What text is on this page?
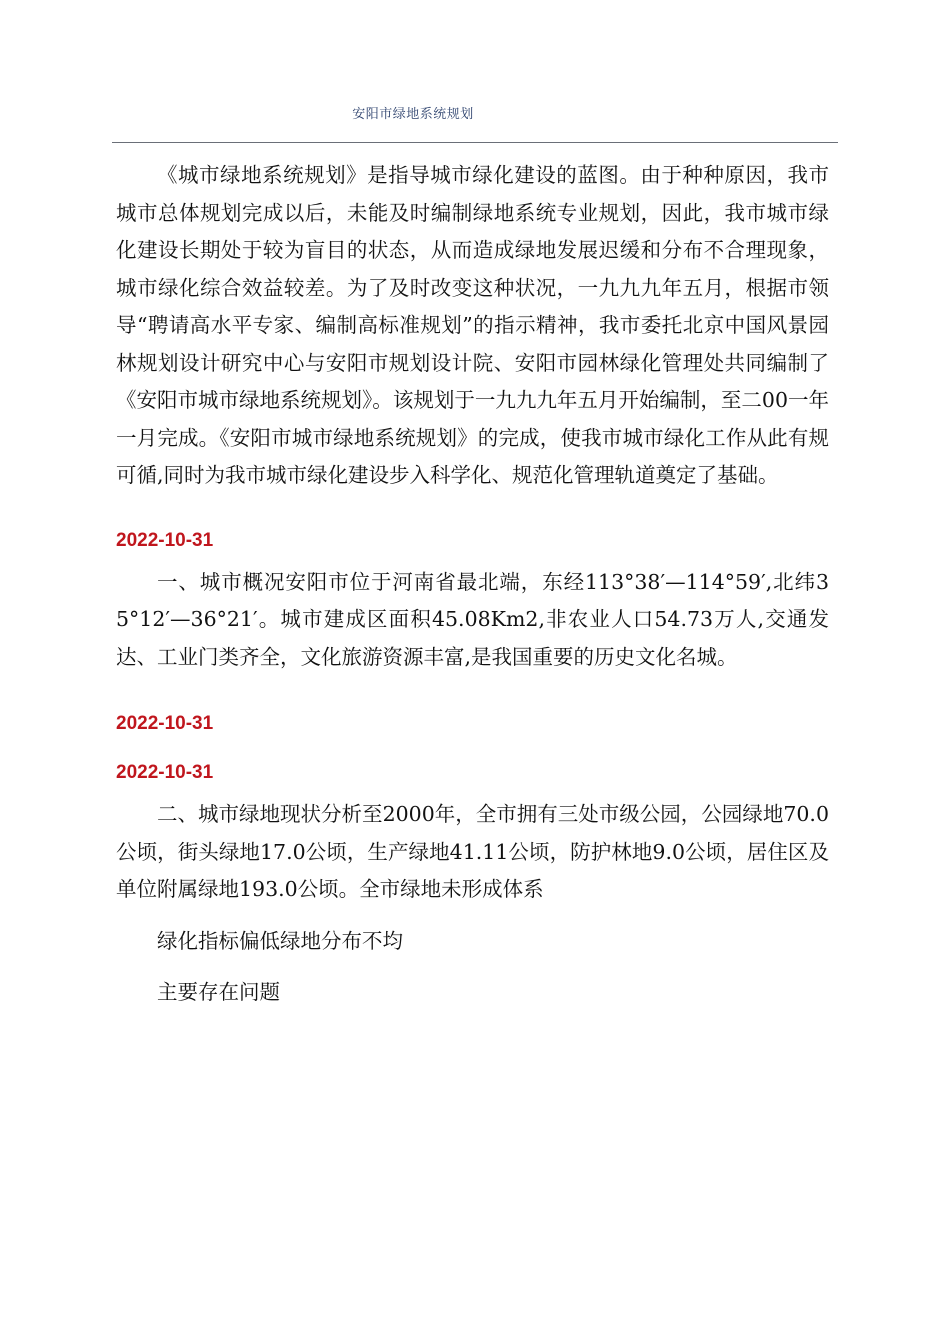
安阳市绿地系统规划

《城市绿地系统规划》是指导城市绿化建设的蓝图。由于种种原因，我市城市总体规划完成以后，未能及时编制绿地系统专业规划，因此，我市城市绿化建设长期处于较为盲目的状态，从而造成绿地发展迟缓和分布不合理现象，城市绿化综合效益较差。为了及时改变这种状况，一九九九年五月，根据市领导“聘请高水平专家、编制高标准规划”的指示精神，我市委托北京中国风景园林规划设计研究中心与安阳市规划设计院、安阳市园林绿化管理处共同编制了《安阳市城市绿地系统规划》。该规划于一九九九年五月开始编制，至二00一年一月完成。《安阳市城市绿地系统规划》的完成，使我市城市绿化工作从此有规可循,同时为我市城市绿化建设步入科学化、规范化管理轨道奠定了基础。

2022-10-31

一、城市概况安阳市位于河南省最北端，东经113°38′—114°59′,北纬35°12′—36°21′。城市建成区面积45.08Km2,非农业人口54.73万人,交通发达、工业门类齐全，文化旅游资源丰富,是我国重要的历史文化名城。

2022-10-31

2022-10-31

二、城市绿地现状分析至2000年，全市拥有三处市级公园，公园绿地70.0公顷，街头绿地17.0公顷，生产绿地41.11公顷，防护林地9.0公顷，居住区及单位附属绿地193.0公顷。全市绿地未形成体系

绿化指标偏低绿地分布不均

主要存在问题
